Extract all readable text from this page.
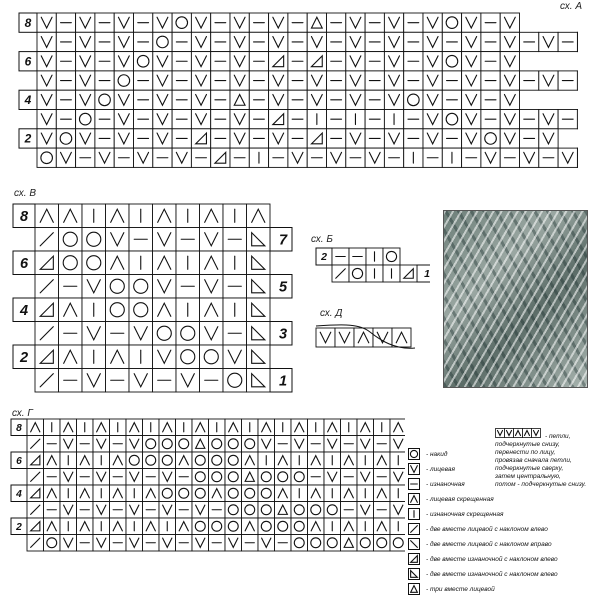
сх. А
8
6
4
2
сх. В
8
7
6
5
4
3
2
1
сх. Б
2
1
сх. Д
сх. Г
8
6
4
2
- накид
- лицевая
- изнаночная
- лицевая скрещенная
- изнаночная скрещенная
- две вместе лицевой с наклоном влево
- две вместе лицевой с наклоном вправо
- две вместе изнаночной с наклоном влево
- две вместе изнаночной с наклоном влево
- три вместе лицевой
- петли,
подчеркнутые снизу,
перенести по лицу,
провязав сначала петли,
подчеркнутые сверху,
затем центральную,
потом - подчеркнутые снизу.
